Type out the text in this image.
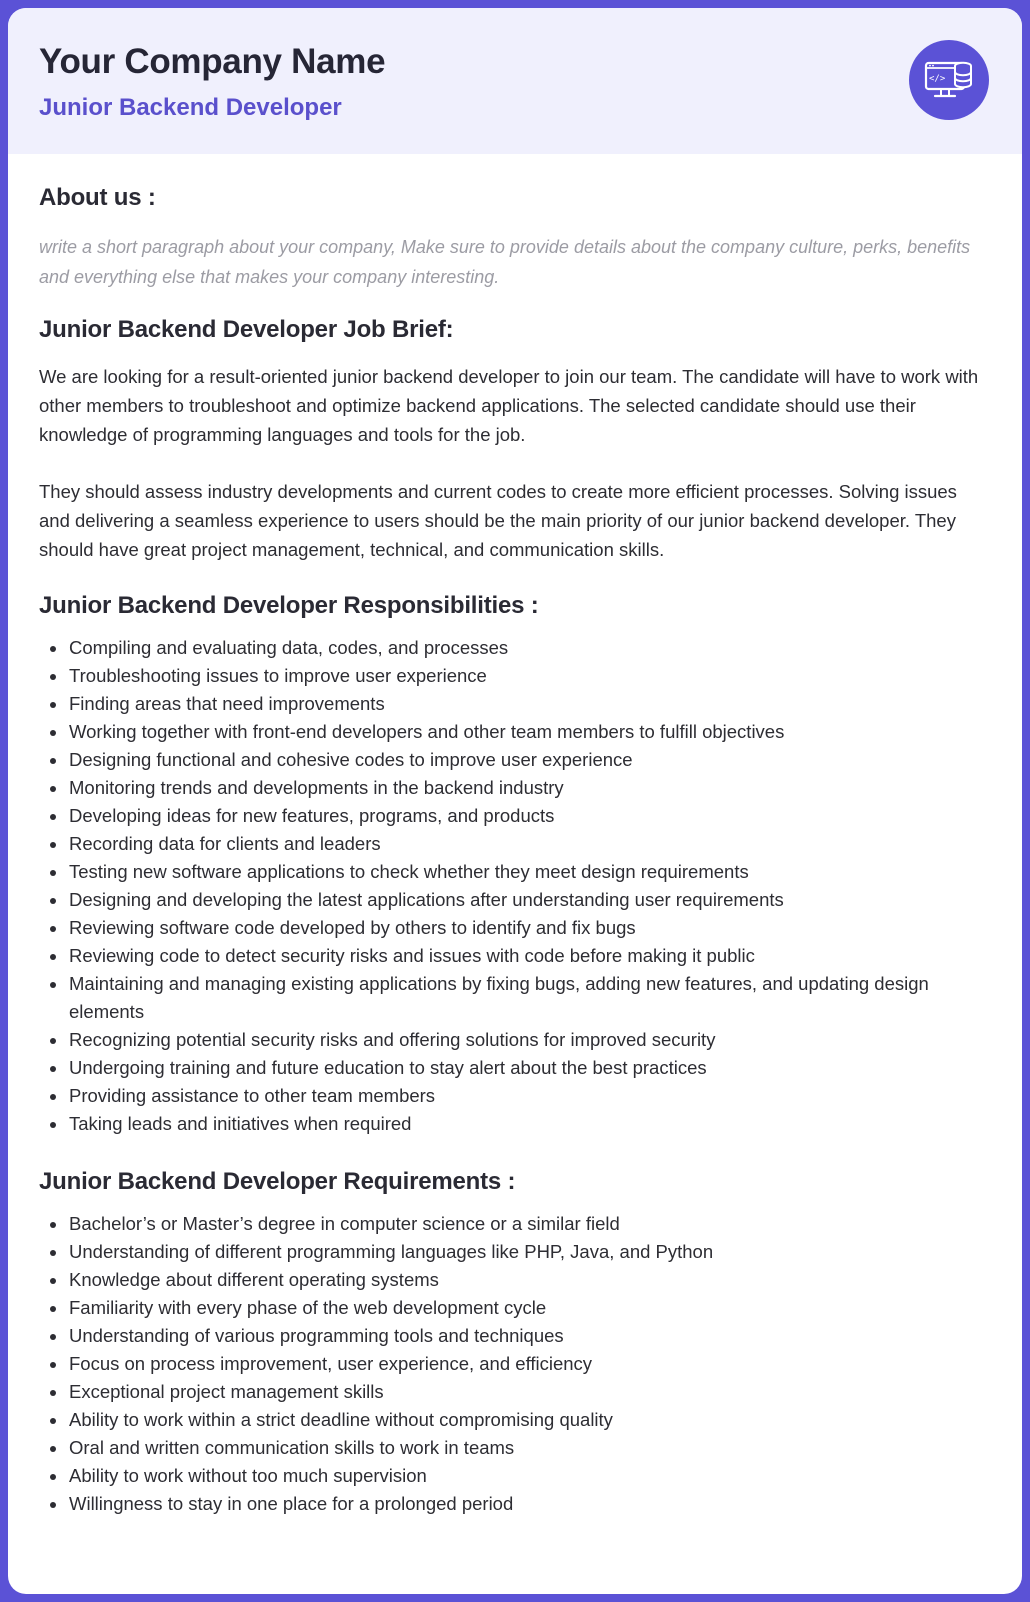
Your Company Name
Junior Backend Developer
</>
About us :

write a short paragraph about your company, Make sure to provide details about the company culture, perks, benefits and everything else that makes your company interesting.

Junior Backend Developer Job Brief:

We are looking for a result-oriented junior backend developer to join our team. The candidate will have to work with other members to troubleshoot and optimize backend applications. The selected candidate should use their knowledge of programming languages and tools for the job.

They should assess industry developments and current codes to create more efficient processes. Solving issues and delivering a seamless experience to users should be the main priority of our junior backend developer. They should have great project management, technical, and communication skills.

Junior Backend Developer Responsibilities :
Compiling and evaluating data, codes, and processes
Troubleshooting issues to improve user experience
Finding areas that need improvements
Working together with front-end developers and other team members to fulfill objectives
Designing functional and cohesive codes to improve user experience
Monitoring trends and developments in the backend industry
Developing ideas for new features, programs, and products
Recording data for clients and leaders
Testing new software applications to check whether they meet design requirements
Designing and developing the latest applications after understanding user requirements
Reviewing software code developed by others to identify and fix bugs
Reviewing code to detect security risks and issues with code before making it public
Maintaining and managing existing applications by fixing bugs, adding new features, and updating design elements
Recognizing potential security risks and offering solutions for improved security
Undergoing training and future education to stay alert about the best practices
Providing assistance to other team members
Taking leads and initiatives when required
Junior Backend Developer Requirements :
Bachelor’s or Master’s degree in computer science or a similar field
Understanding of different programming languages like PHP, Java, and Python
Knowledge about different operating systems
Familiarity with every phase of the web development cycle
Understanding of various programming tools and techniques
Focus on process improvement, user experience, and efficiency
Exceptional project management skills
Ability to work within a strict deadline without compromising quality
Oral and written communication skills to work in teams
Ability to work without too much supervision
Willingness to stay in one place for a prolonged period
